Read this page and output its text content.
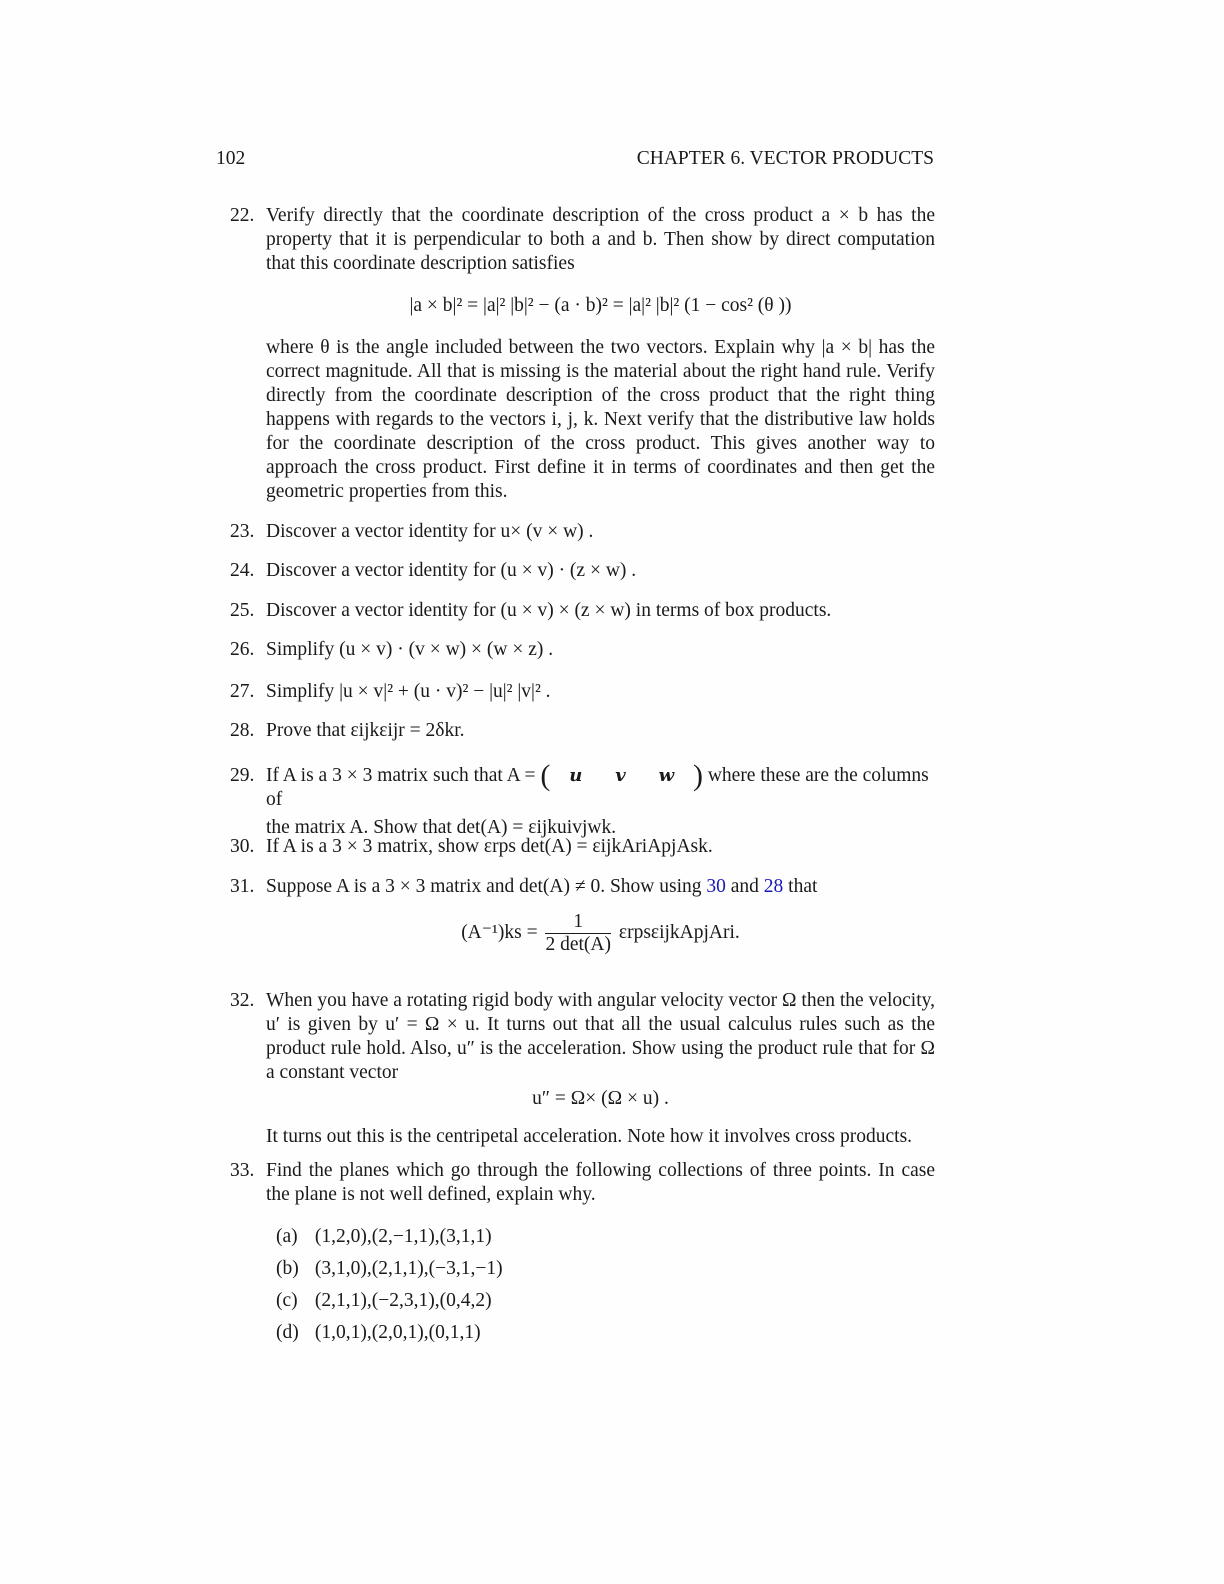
102	CHAPTER 6. VECTOR PRODUCTS
22. Verify directly that the coordinate description of the cross product a × b has the property that it is perpendicular to both a and b. Then show by direct computation that this coordinate description satisfies
|a × b|² = |a|² |b|² − (a · b)² = |a|² |b|² (1 − cos² (θ ))
where θ is the angle included between the two vectors. Explain why |a × b| has the correct magnitude. All that is missing is the material about the right hand rule. Verify directly from the coordinate description of the cross product that the right thing happens with regards to the vectors i, j, k. Next verify that the distributive law holds for the coordinate description of the cross product. This gives another way to approach the cross product. First define it in terms of coordinates and then get the geometric properties from this.
23. Discover a vector identity for u× (v × w) .
24. Discover a vector identity for (u × v) · (z × w) .
25. Discover a vector identity for (u × v) × (z × w) in terms of box products.
26. Simplify (u × v) · (v × w) × (w × z) .
27. Simplify |u × v|² + (u · v)² − |u|² |v|² .
28. Prove that εijkεijr = 2δkr.
29. If A is a 3 × 3 matrix such that A = ( u v w ) where these are the columns of
the matrix A. Show that det(A) = εijkuivjwk.
30. If A is a 3 × 3 matrix, show εrps det(A) = εijkAriApjAsk.
31. Suppose A is a 3 × 3 matrix and det(A) ≠ 0. Show using 30 and 28 that
$(A^{-1})ks = \frac{1}{2 \det(A)}$ εrpsεijkApjAri.
32. When you have a rotating rigid body with angular velocity vector Ω then the velocity, u′ is given by u′ = Ω × u. It turns out that all the usual calculus rules such as the product rule hold. Also, u″ is the acceleration. Show using the product rule that for Ω a constant vector
u″ = Ω× (Ω × u) .
It turns out this is the centripetal acceleration. Note how it involves cross products.
33. Find the planes which go through the following collections of three points. In case the plane is not well defined, explain why.
(a) (1,2,0),(2,−1,1),(3,1,1)
(b) (3,1,0),(2,1,1),(−3,1,−1)
(c) (2,1,1),(−2,3,1),(0,4,2)
(d) (1,0,1),(2,0,1),(0,1,1)
